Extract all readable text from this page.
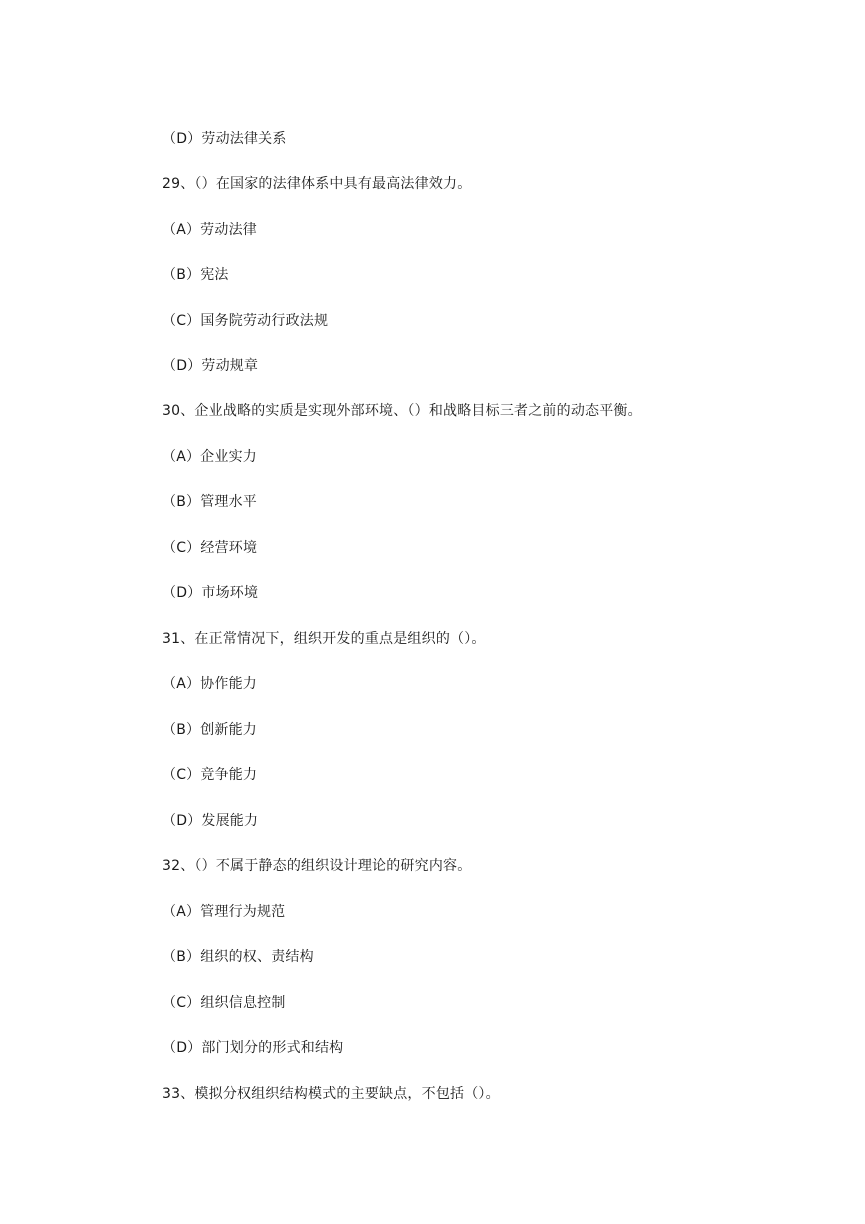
（D）劳动法律关系
29、（）在国家的法律体系中具有最高法律效力。
（A）劳动法律
（B）宪法
（C）国务院劳动行政法规
（D）劳动规章
30、企业战略的实质是实现外部环境、（）和战略目标三者之前的动态平衡。
（A）企业实力
（B）管理水平
（C）经营环境
（D）市场环境
31、在正常情况下，组织开发的重点是组织的（）。
（A）协作能力
（B）创新能力
（C）竞争能力
（D）发展能力
32、（）不属于静态的组织设计理论的研究内容。
（A）管理行为规范
（B）组织的权、责结构
（C）组织信息控制
（D）部门划分的形式和结构
33、模拟分权组织结构模式的主要缺点，不包括（）。
